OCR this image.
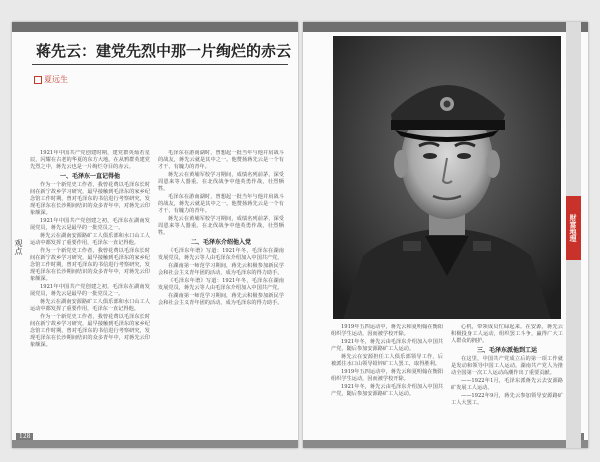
蒋先云：建党先烈中那一片绚烂的赤云
夏远生

1921年中国共产党创建时期，建党群英灿若星辰，闪耀在古老的华夏的东方大地。在从鸦群英建党先烈之中，蒋先云也是一片绚烂夺目的赤云。

一、毛泽东一直记得他

作为一个新党史工作者，我曾花费以毛泽东长时间在新宁故乡学习研究，最早接触到毛泽东的家乡纪念馆工作时期，曾对毛泽东的书信进行考察研究，发现毛泽东在长沙期间结识的众多青年中，对蒋先云印象颇深。

1921年中国共产党创建之初，毛泽东在湖南发展党员，蒋先云是最早的一批党员之一。

蒋先云在湖南安源路矿工人俱乐部和水口山工人运动中都发挥了重要作用，毛泽东一直记得他。

作为一个新党史工作者，我曾花费以毛泽东长时间在新宁故乡学习研究，最早接触到毛泽东的家乡纪念馆工作时期，曾对毛泽东的书信进行考察研究，发现毛泽东在长沙期间结识的众多青年中，对蒋先云印象颇深。

1921年中国共产党创建之初，毛泽东在湖南发展党员，蒋先云是最早的一批党员之一。

蒋先云在湖南安源路矿工人俱乐部和水口山工人运动中都发挥了重要作用，毛泽东一直记得他。

作为一个新党史工作者，我曾花费以毛泽东长时间在新宁故乡学习研究，最早接触到毛泽东的家乡纪念馆工作时期，曾对毛泽东的书信进行考察研究，发现毛泽东在长沙期间结识的众多青年中，对蒋先云印象颇深。

毛泽东在游南湖时，曾想起一批当年与他并肩战斗的战友，蒋先云就是其中之一。他赞扬蒋先云是一个有才干、有魄力的青年。

蒋先云在黄埔军校学习期间，成绩名列前茅，深受周恩来等人器重。在北伐战争中他英勇作战，壮烈牺牲。

毛泽东在游南湖时，曾想起一批当年与他并肩战斗的战友，蒋先云就是其中之一。他赞扬蒋先云是一个有才干、有魄力的青年。

蒋先云在黄埔军校学习期间，成绩名列前茅，深受周恩来等人器重。在北伐战争中他英勇作战，壮烈牺牲。

二、毛泽东介绍他入党

《毛泽东年谱》写道：1921年冬，毛泽东在湖南发展党员，蒋先云等人由毛泽东介绍加入中国共产党。

在湖南第一师范学习期间，蒋先云积极参加新民学会和社会主义青年团的活动，成为毛泽东的得力助手。

《毛泽东年谱》写道：1921年冬，毛泽东在湖南发展党员，蒋先云等人由毛泽东介绍加入中国共产党。

在湖南第一师范学习期间，蒋先云积极参加新民学会和社会主义青年团的活动，成为毛泽东的得力助手。

观点
128

1919年五四运动中，蒋先云和夏明翰在衡阳组织学生运动，因而被学校开除。

1921年冬，蒋先云由毛泽东介绍加入中国共产党，随后参加安源路矿工人运动。

蒋先云在安源担任工人俱乐部领导工作，后被派往水口山领导铅锌矿工人罢工，取得胜利。

1919年五四运动中，蒋先云和夏明翰在衡阳组织学生运动，因而被学校开除。

1921年冬，蒋先云由毛泽东介绍加入中国共产党，随后参加安源路矿工人运动。

心机，带领成员忙碌起来。在安源，蒋先云积极投身工人运动，组织罢工斗争，赢得广大工人群众的拥护。

三、毛泽东派他到工运

在这里，中国共产党成立后的第一项工作就是发动和领导中国工人运动。湖南共产党人为推动全国第一次工人运动高潮作出了重要贡献。

——1922年1月，毛泽东派蒋先云去安源路矿发展工人运动。

——1922年9月，蒋先云参加领导安源路矿工人大罢工。

财富地理
